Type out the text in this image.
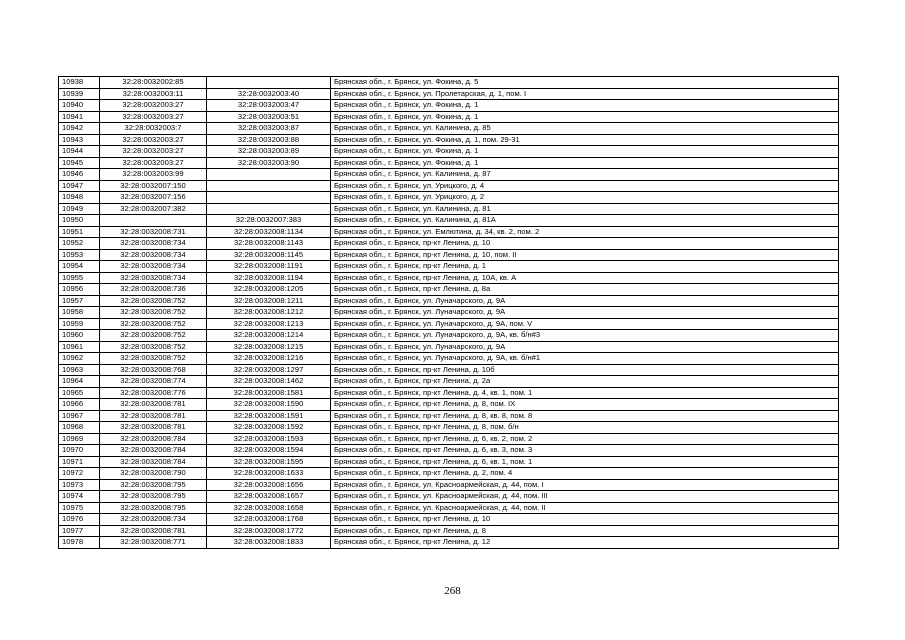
10938	32:28:0032002:85		Брянская обл., г. Брянск, ул. Фокина, д. 5
10939	32:28:0032003:11	32:28:0032003:40	Брянская обл., г. Брянск, ул. Пролетарская, д. 1, пом. I
10940	32:28:0032003:27	32:28:0032003:47	Брянская обл., г. Брянск, ул. Фокина, д. 1
10941	32:28:0032003:27	32:28:0032003:51	Брянская обл., г. Брянск, ул. Фокина, д. 1
10942	32:28:0032003:7	32:28:0032003:87	Брянская обл., г. Брянск, ул. Калинина, д. 85
10943	32:28:0032003:27	32:28:0032003:88	Брянская обл., г. Брянск, ул. Фокина, д. 1, пом. 29-31
10944	32:28:0032003:27	32:28:0032003:89	Брянская обл., г. Брянск, ул. Фокина, д. 1
10945	32:28:0032003:27	32:28:0032003:90	Брянская обл., г. Брянск, ул. Фокина, д. 1
10946	32:28:0032003:99		Брянская обл., г. Брянск, ул. Калинина, д. 87
10947	32:28:0032007:150		Брянская обл., г. Брянск, ул. Урицкого, д. 4
10948	32:28:0032007:156		Брянская обл., г. Брянск, ул. Урицкого, д. 2
10949	32:28:0032007:382		Брянская обл., г. Брянск, ул. Калинина, д. 81
10950		32:28:0032007:383	Брянская обл., г. Брянск, ул. Калинина, д. 81А
10951	32:28:0032008:731	32:28:0032008:1134	Брянская обл., г. Брянск, ул. Емлютина, д. 34, кв. 2, пом. 2
10952	32:28:0032008:734	32:28:0032008:1143	Брянская обл., г. Брянск, пр-кт Ленина, д. 10
10953	32:28:0032008:734	32:28:0032008:1145	Брянская обл., г. Брянск, пр-кт Ленина, д. 10, пом. II
10954	32:28:0032008:734	32:28:0032008:1191	Брянская обл., г. Брянск, пр-кт Ленина, д. 1
10955	32:28:0032008:734	32:28:0032008:1194	Брянская обл., г. Брянск, пр-кт Ленина, д. 10А, кв. А
10956	32:28:0032008:736	32:28:0032008:1205	Брянская обл., г. Брянск, пр-кт Ленина, д. 8а
10957	32:28:0032008:752	32:28:0032008:1211	Брянская обл., г. Брянск, ул. Луначарского, д. 9А
10958	32:28:0032008:752	32:28:0032008:1212	Брянская обл., г. Брянск, ул. Луначарского, д. 9А
10959	32:28:0032008:752	32:28:0032008:1213	Брянская обл., г. Брянск, ул. Луначарского, д. 9А, пом. V
10960	32:28:0032008:752	32:28:0032008:1214	Брянская обл., г. Брянск, ул. Луначарского, д. 9А, кв. б/н#3
10961	32:28:0032008:752	32:28:0032008:1215	Брянская обл., г. Брянск, ул. Луначарского, д. 9А
10962	32:28:0032008:752	32:28:0032008:1216	Брянская обл., г. Брянск, ул. Луначарского, д. 9А, кв. б/н#1
10963	32:28:0032008:768	32:28:0032008:1297	Брянская обл., г. Брянск, пр-кт Ленина, д. 10б
10964	32:28:0032008:774	32:28:0032008:1462	Брянская обл., г. Брянск, пр-кт Ленина, д. 2а
10965	32:28:0032008:776	32:28:0032008:1581	Брянская обл., г. Брянск, пр-кт Ленина, д. 4, кв. 1, пом. 1
10966	32:28:0032008:781	32:28:0032008:1590	Брянская обл., г. Брянск, пр-кт Ленина, д. 8, пом. IX
10967	32:28:0032008:781	32:28:0032008:1591	Брянская обл., г. Брянск, пр-кт Ленина, д. 8, кв. 8, пом. 8
10968	32:28:0032008:781	32:28:0032008:1592	Брянская обл., г. Брянск, пр-кт Ленина, д. 8, пом. б/н
10969	32:28:0032008:784	32:28:0032008:1593	Брянская обл., г. Брянск, пр-кт Ленина, д. 6, кв. 2, пом. 2
10970	32:28:0032008:784	32:28:0032008:1594	Брянская обл., г. Брянск, пр-кт Ленина, д. 6, кв. 3, пом. 3
10971	32:28:0032008:784	32:28:0032008:1595	Брянская обл., г. Брянск, пр-кт Ленина, д. 6, кв. 1, пом. 1
10972	32:28:0032008:790	32:28:0032008:1633	Брянская обл., г. Брянск, пр-кт Ленина, д. 2, пом. 4
10973	32:28:0032008:795	32:28:0032008:1656	Брянская обл., г. Брянск, ул. Красноармейская, д. 44, пом. I
10974	32:28:0032008:795	32:28:0032008:1657	Брянская обл., г. Брянск, ул. Красноармейская, д. 44, пом. III
10975	32:28:0032008:795	32:28:0032008:1658	Брянская обл., г. Брянск, ул. Красноармейская, д. 44, пом. II
10976	32:28:0032008:734	32:28:0032008:1768	Брянская обл., г. Брянск, пр-кт Ленина, д. 10
10977	32:28:0032008:781	32:28:0032008:1772	Брянская обл., г. Брянск, пр-кт Ленина, д. 8
10978	32:28:0032008:771	32:28:0032008:1833	Брянская обл., г. Брянск, пр-кт Ленина, д. 12
268
